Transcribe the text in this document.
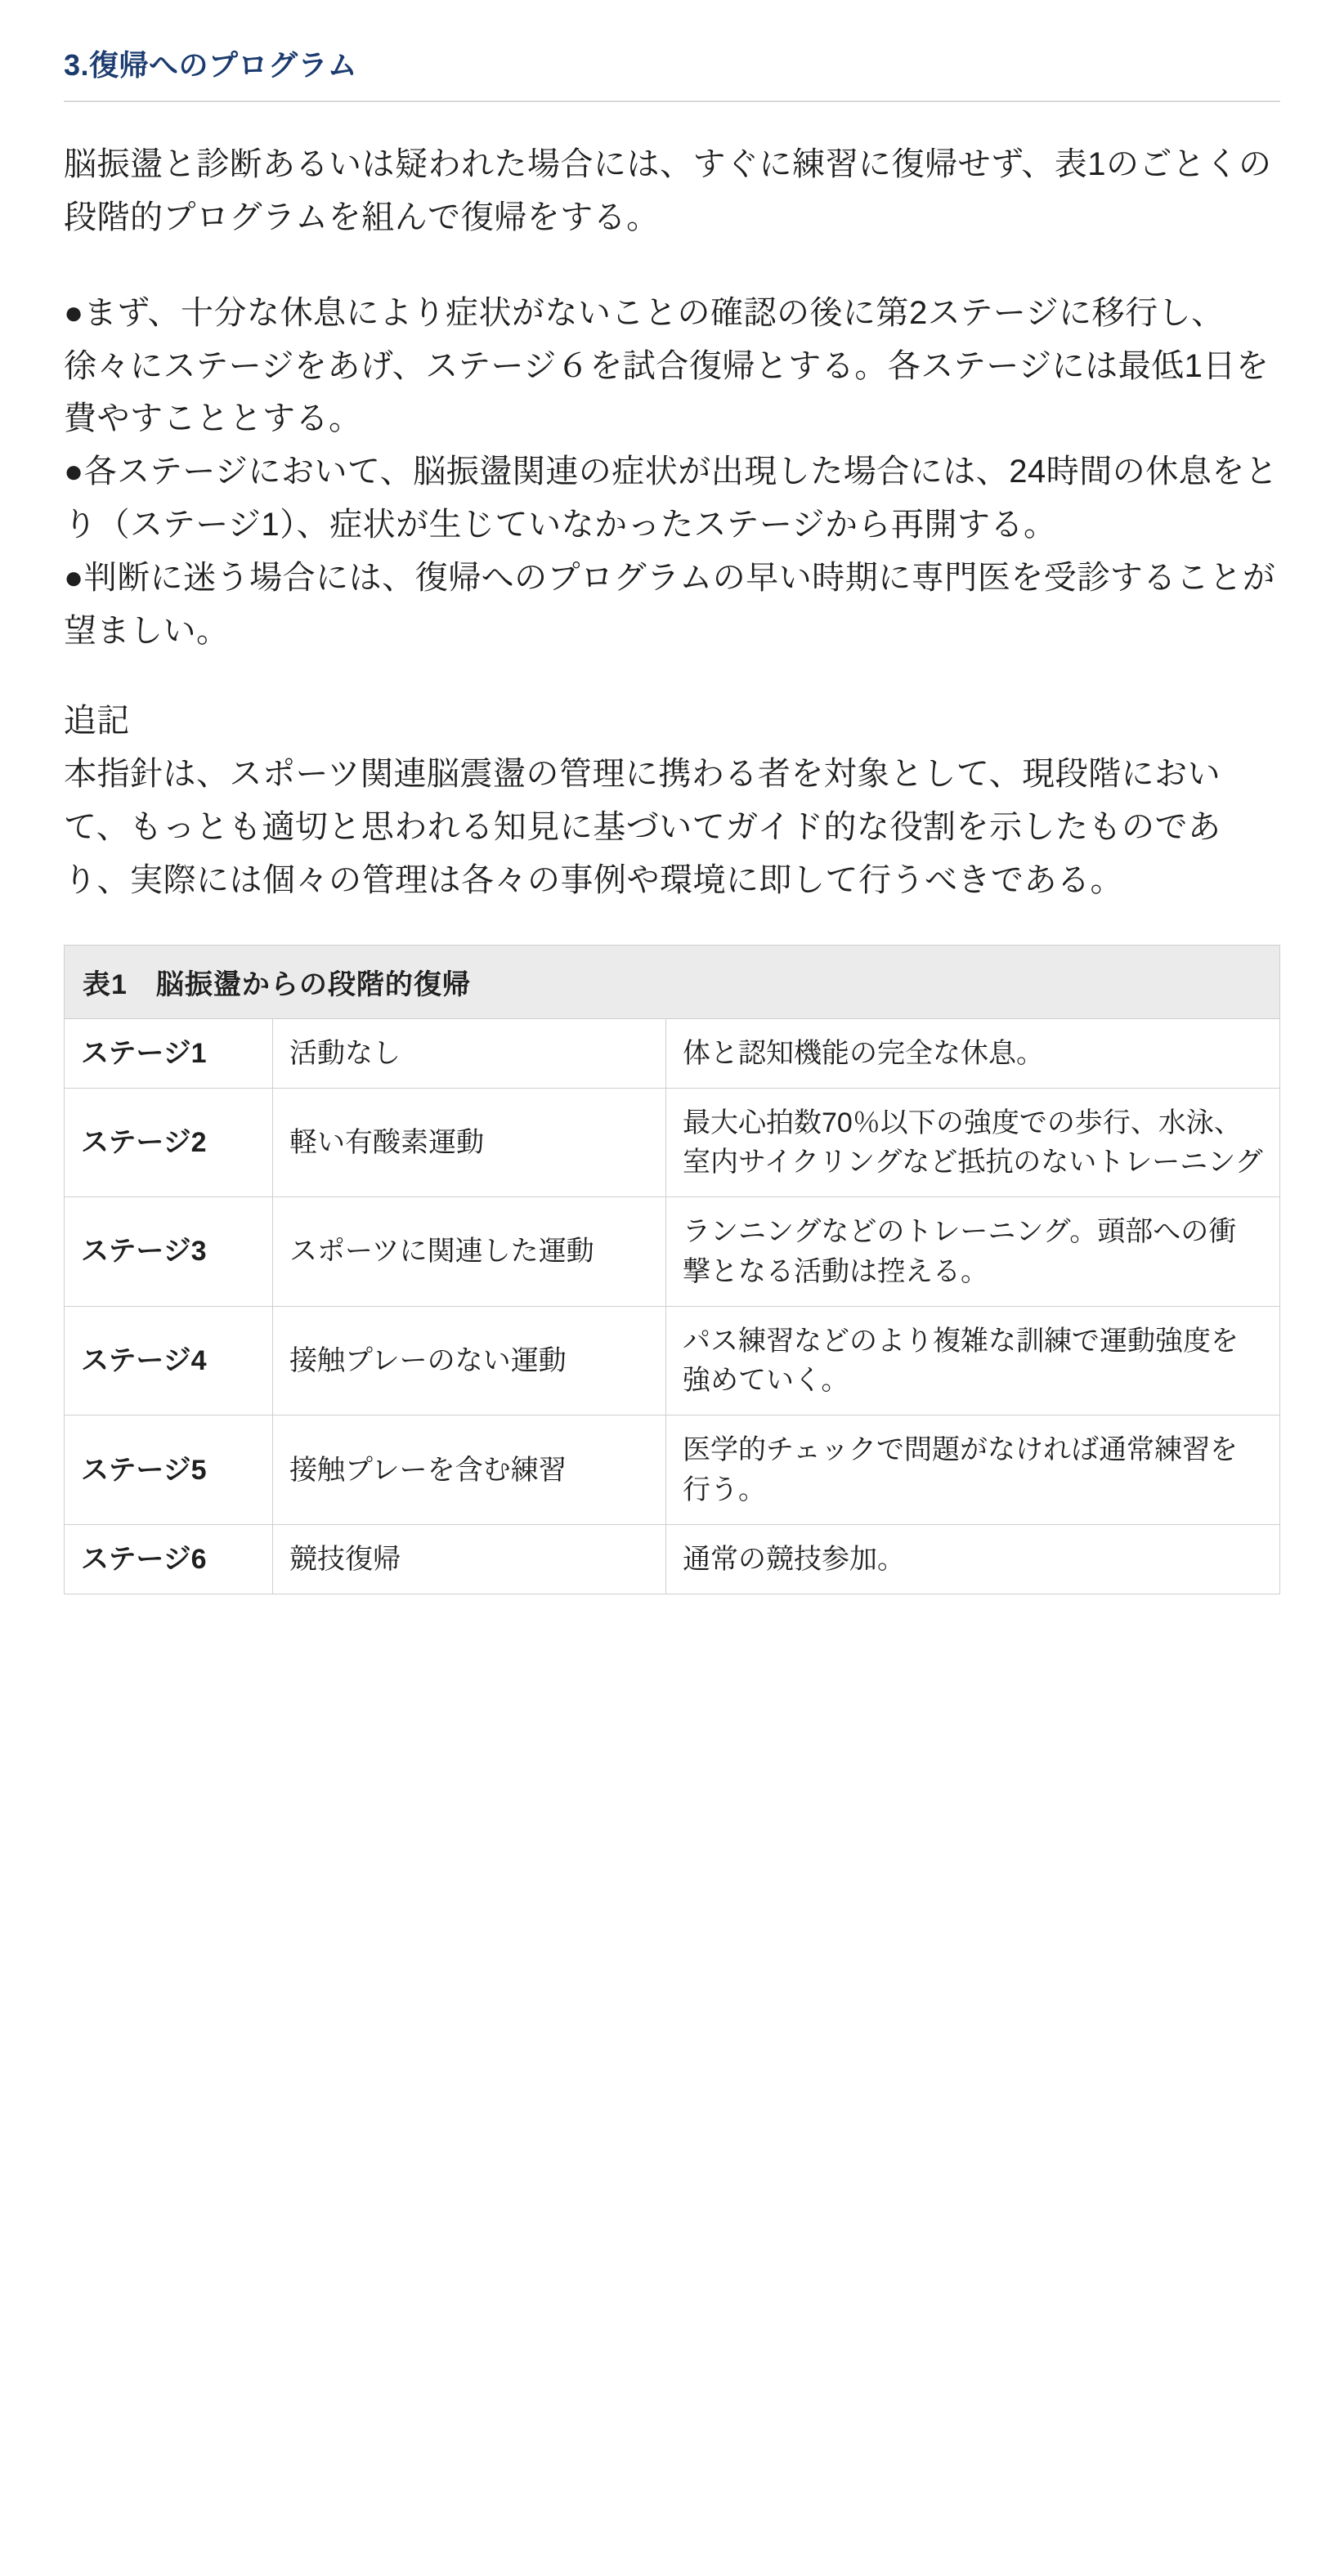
3.復帰へのプログラム

脳振盪と診断あるいは疑われた場合には、すぐに練習に復帰せず、表1のごとくの段階的プログラムを組んで復帰をする。

●まず、十分な休息により症状がないことの確認の後に第2ステージに移行し、徐々にステージをあげ、ステージ６を試合復帰とする。各ステージには最低1日を費やすこととする。

●各ステージにおいて、脳振盪関連の症状が出現した場合には、24時間の休息をとり（ステージ1）、症状が生じていなかったステージから再開する。

●判断に迷う場合には、復帰へのプログラムの早い時期に専門医を受診することが望ましい。

追記

本指針は、スポーツ関連脳震盪の管理に携わる者を対象として、現段階において、もっとも適切と思われる知見に基づいてガイド的な役割を示したものであり、実際には個々の管理は各々の事例や環境に即して行うべきである。

表1　脳振盪からの段階的復帰
ステージ1	活動なし	体と認知機能の完全な休息。
ステージ2	軽い有酸素運動	最大心拍数70％以下の強度での歩行、水泳、室内サイクリングなど抵抗のないトレーニング
ステージ3	スポーツに関連した運動	ランニングなどのトレーニング。頭部への衝撃となる活動は控える。
ステージ4	接触プレーのない運動	パス練習などのより複雑な訓練で運動強度を強めていく。
ステージ5	接触プレーを含む練習	医学的チェックで問題がなければ通常練習を行う。
ステージ6	競技復帰	通常の競技参加。
